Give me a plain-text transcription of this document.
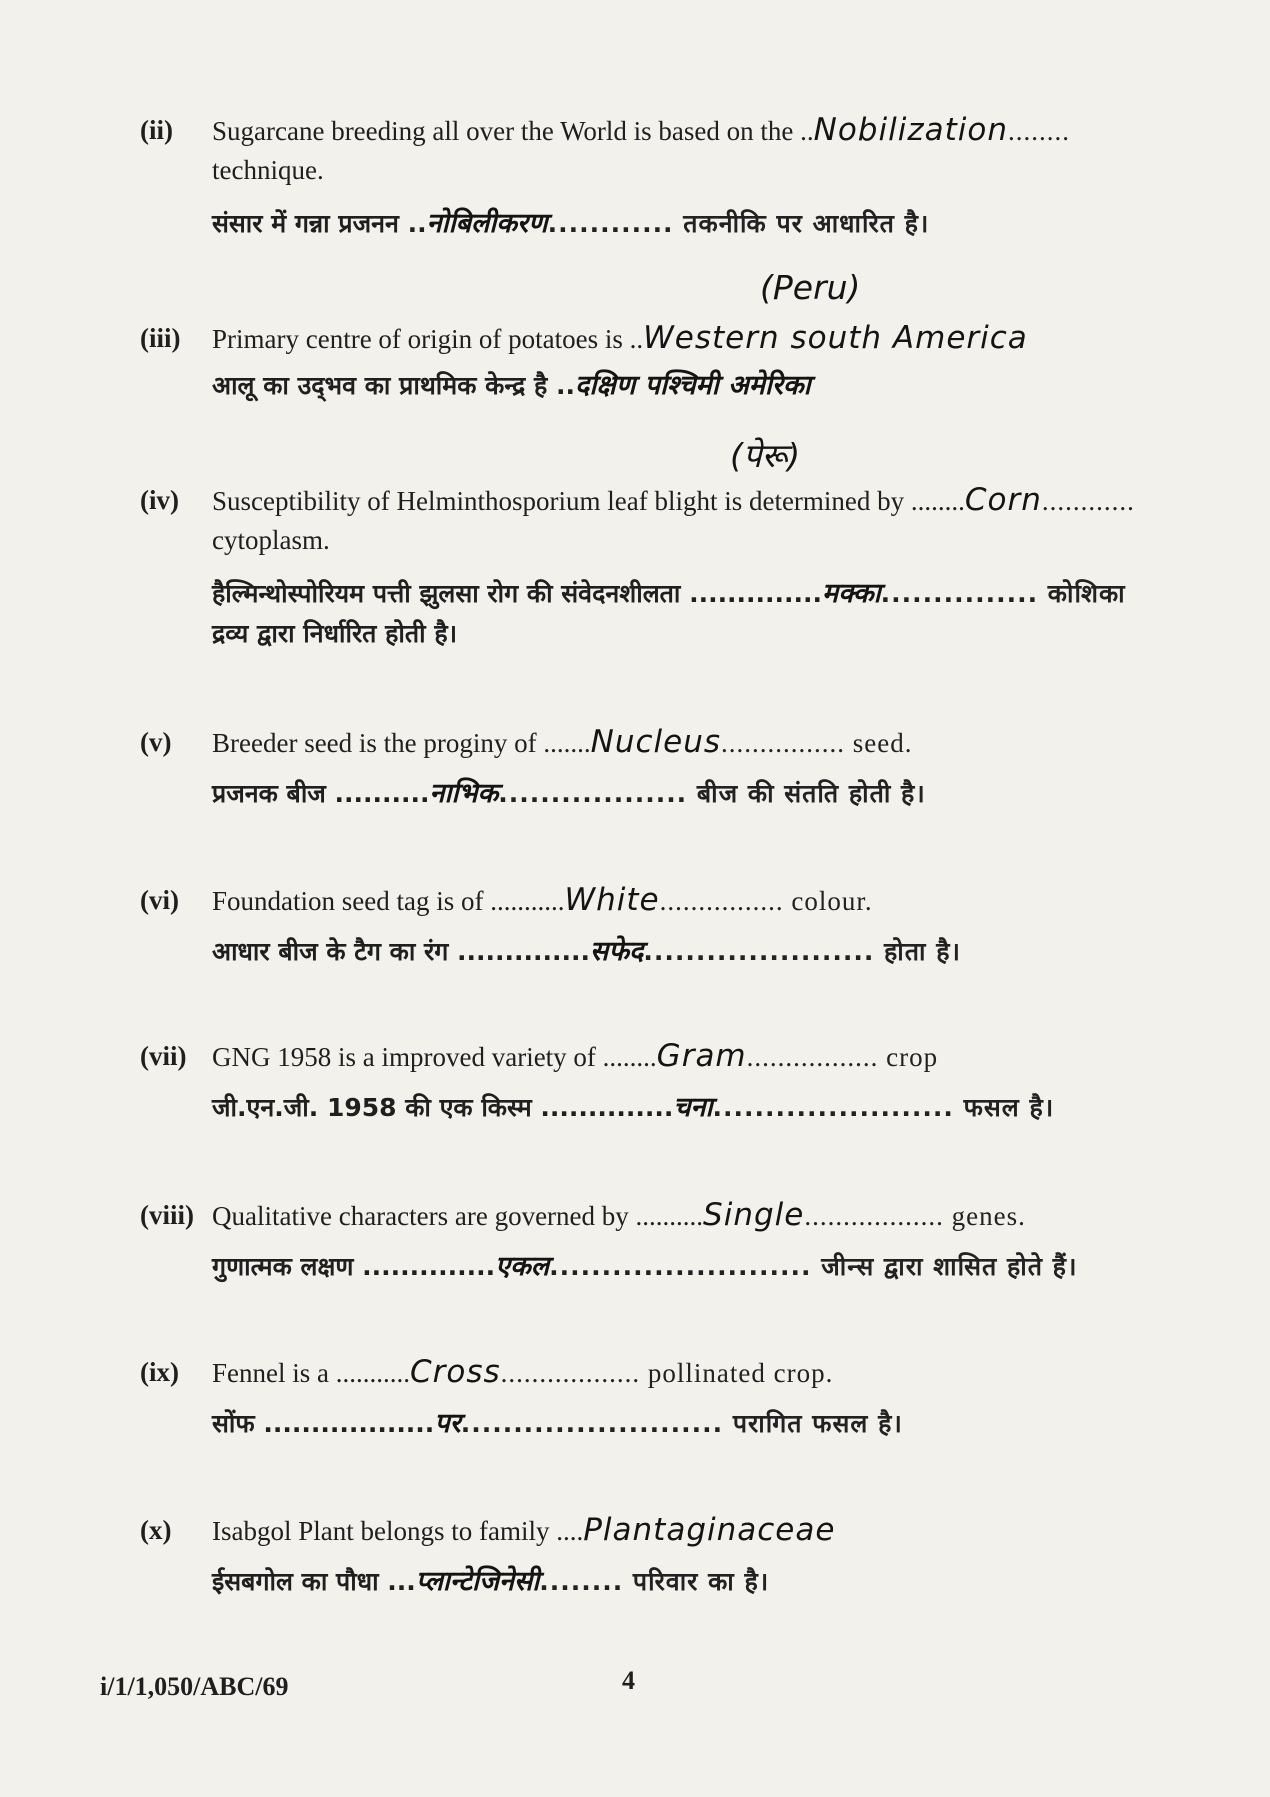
(ii)	Sugarcane breeding all over the World is based on the ..Nobilization........
technique.
संसार में गन्ना प्रजनन ..नोबिलीकरण............ तकनीकि पर आधारित है।
(Peru)
(iii)	Primary centre of origin of potatoes is ..Western south America
आलू का उद्‌भव का प्राथमिक केन्द्र है ..दक्षिण पश्चिमी अमेरिका
(पेरू)
(iv)	Susceptibility of Helminthosporium leaf blight is determined by ........Corn............
cytoplasm.
हैल्मिन्थोस्पोरियम पत्ती झुलसा रोग की संवेदनशीलता ..............मक्का............... कोशिका
द्रव्य द्वारा निर्धारित होती है।
(v)	Breeder seed is the proginy of .......Nucleus................ seed.
प्रजनक बीज ..........नाभिक.................. बीज की संतति होती है।
(vi)	Foundation seed tag is of ...........White................ colour.
आधार बीज के टैग का रंग ..............सफेद...................... होता है।
(vii) GNG 1958 is a improved variety of ........Gram................. crop
जी.एन.जी. 1958 की एक किस्म ..............चना....................... फसल है।
(viii) Qualitative characters are governed by ..........Single.................. genes.
गुणात्मक लक्षण ..............एकल......................... जीन्स द्वारा शासित होते हैं।
(ix)	Fennel is a ...........Cross.................. pollinated crop.
सोंफ ..................पर......................... परागित फसल है।
(x)	Isabgol Plant belongs to family ....Plantaginaceae
ईसबगोल का पौधा ...प्लान्टेजिनेसी........ परिवार का है।
i/1/1,050/ABC/69	4
